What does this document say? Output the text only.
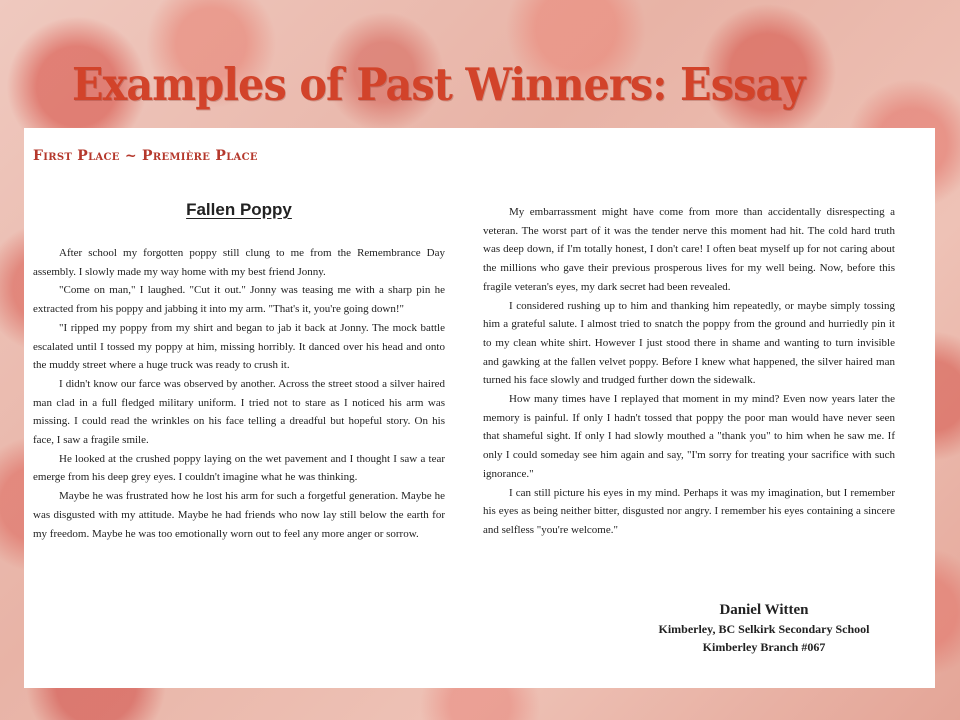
Examples of Past Winners: Essay
First Place ~ Première Place
Fallen Poppy

After school my forgotten poppy still clung to me from the Remembrance Day assembly. I slowly made my way home with my best friend Jonny.

"Come on man," I laughed. "Cut it out." Jonny was teasing me with a sharp pin he extracted from his poppy and jabbing it into my arm. "That's it, you're going down!"

"I ripped my poppy from my shirt and began to jab it back at Jonny. The mock battle escalated until I tossed my poppy at him, missing horribly. It danced over his head and onto the muddy street where a huge truck was ready to crush it.

I didn't know our farce was observed by another. Across the street stood a silver haired man clad in a full fledged military uniform. I tried not to stare as I noticed his arm was missing. I could read the wrinkles on his face telling a dreadful but hopeful story. On his face, I saw a fragile smile.

He looked at the crushed poppy laying on the wet pavement and I thought I saw a tear emerge from his deep grey eyes. I couldn't imagine what he was thinking.

Maybe he was frustrated how he lost his arm for such a forgetful generation. Maybe he was disgusted with my attitude. Maybe he had friends who now lay still below the earth for my freedom. Maybe he was too emotionally worn out to feel any more anger or sorrow.

My embarrassment might have come from more than accidentally disrespecting a veteran. The worst part of it was the tender nerve this moment had hit. The cold hard truth was deep down, if I'm totally honest, I don't care! I often beat myself up for not caring about the millions who gave their previous prosperous lives for my well being. Now, before this fragile veteran's eyes, my dark secret had been revealed.

I considered rushing up to him and thanking him repeatedly, or maybe simply tossing him a grateful salute. I almost tried to snatch the poppy from the ground and hurriedly pin it to my clean white shirt. However I just stood there in shame and wanting to turn invisible and gawking at the fallen velvet poppy. Before I knew what happened, the silver haired man turned his face slowly and trudged further down the sidewalk.

How many times have I replayed that moment in my mind? Even now years later the memory is painful. If only I hadn't tossed that poppy the poor man would have never seen that shameful sight. If only I had slowly mouthed a "thank you" to him when he saw me. If only I could someday see him again and say, "I'm sorry for treating your sacrifice with such ignorance."

I can still picture his eyes in my mind. Perhaps it was my imagination, but I remember his eyes as being neither bitter, disgusted nor angry. I remember his eyes containing a sincere and selfless "you're welcome."

Daniel Witten
Kimberley, BC Selkirk Secondary School
Kimberley Branch #067
